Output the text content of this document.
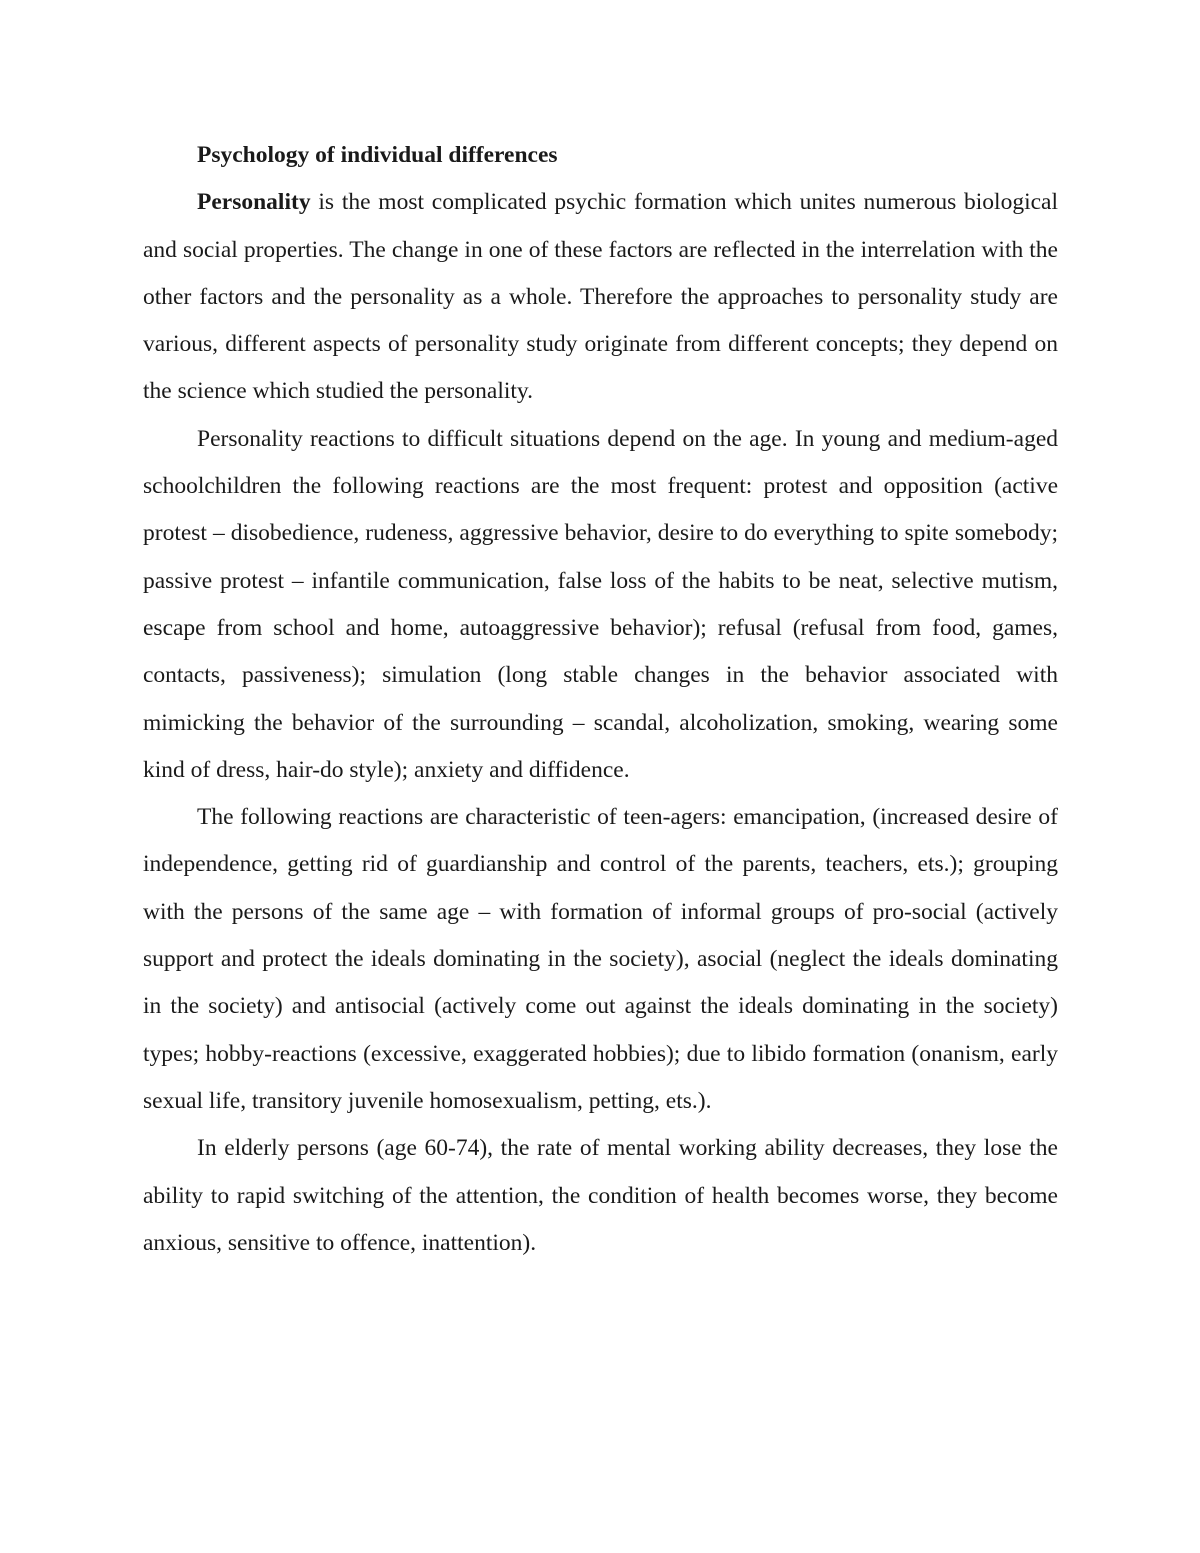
Psychology of individual differences

Personality is the most complicated psychic formation which unites numerous biological and social properties. The change in one of these factors are reflected in the interrelation with the other factors and the personality as a whole. Therefore the approaches to personality study are various, different aspects of personality study originate from different concepts; they depend on the science which studied the personality.

Personality reactions to difficult situations depend on the age. In young and medium-aged schoolchildren the following reactions are the most frequent: protest and opposition (active protest – disobedience, rudeness, aggressive behavior, desire to do everything to spite somebody; passive protest – infantile communication, false loss of the habits to be neat, selective mutism, escape from school and home, autoaggressive behavior); refusal (refusal from food, games, contacts, passiveness); simulation (long stable changes in the behavior associated with mimicking the behavior of the surrounding – scandal, alcoholization, smoking, wearing some kind of dress, hair-do style); anxiety and diffidence.

The following reactions are characteristic of teen-agers: emancipation, (increased desire of independence, getting rid of guardianship and control of the parents, teachers, ets.); grouping with the persons of the same age – with formation of informal groups of pro-social (actively support and protect the ideals dominating in the society), asocial (neglect the ideals dominating in the society) and antisocial (actively come out against the ideals dominating in the society) types; hobby-reactions (excessive, exaggerated hobbies); due to libido formation (onanism, early sexual life, transitory juvenile homosexualism, petting, ets.).

In elderly persons (age 60-74), the rate of mental working ability decreases, they lose the ability to rapid switching of the attention, the condition of health becomes worse, they become anxious, sensitive to offence, inattention).
